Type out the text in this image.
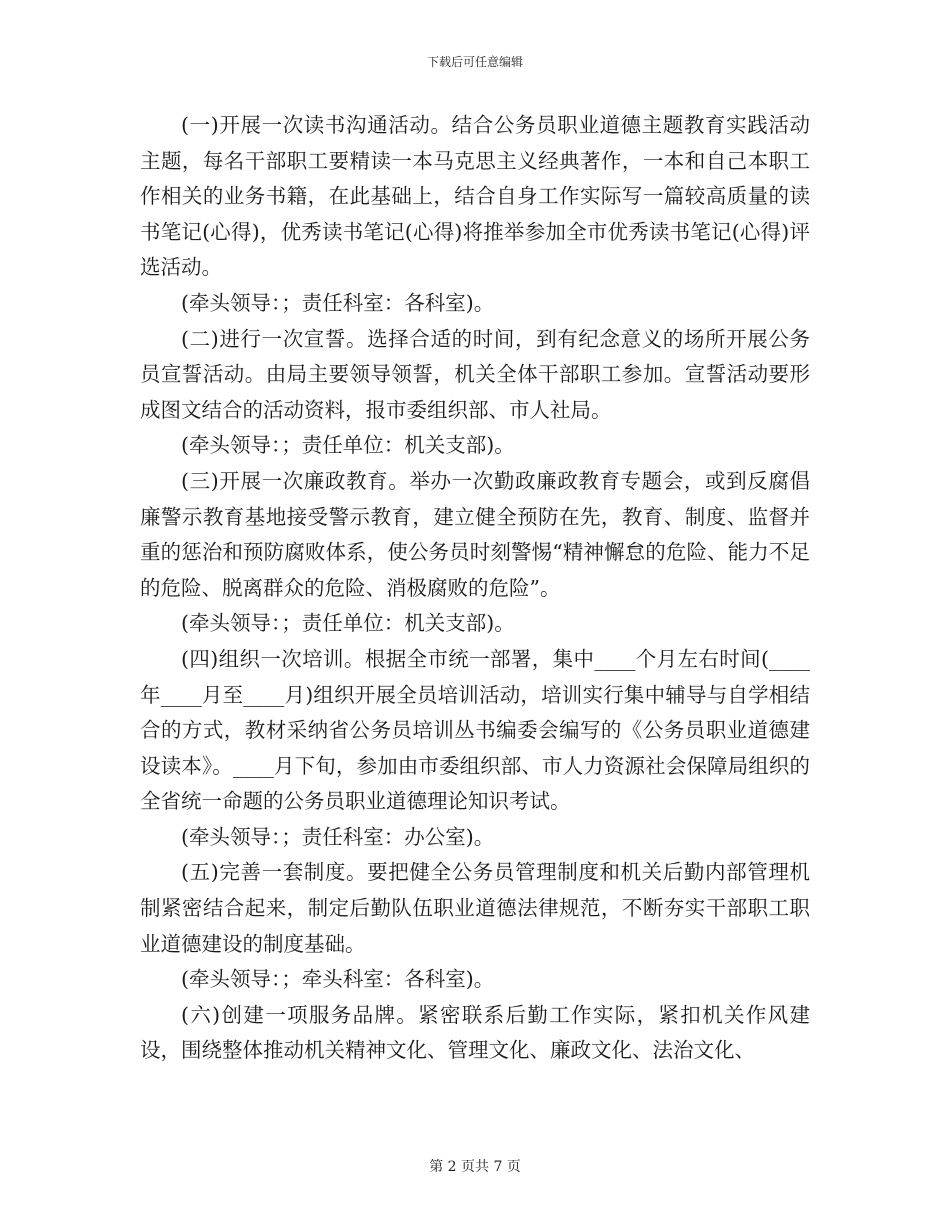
下载后可任意编辑

(一)开展一次读书沟通活动。结合公务员职业道德主题教育实践活动主题，每名干部职工要精读一本马克思主义经典著作，一本和自己本职工作相关的业务书籍，在此基础上，结合自身工作实际写一篇较高质量的读书笔记(心得)，优秀读书笔记(心得)将推举参加全市优秀读书笔记(心得)评选活动。

(牵头领导：；责任科室：各科室)。

(二)进行一次宣誓。选择合适的时间，到有纪念意义的场所开展公务员宣誓活动。由局主要领导领誓，机关全体干部职工参加。宣誓活动要形成图文结合的活动资料，报市委组织部、市人社局。

(牵头领导：；责任单位：机关支部)。

(三)开展一次廉政教育。举办一次勤政廉政教育专题会，或到反腐倡廉警示教育基地接受警示教育，建立健全预防在先，教育、制度、监督并重的惩治和预防腐败体系，使公务员时刻警惕“精神懈怠的危险、能力不足的危险、脱离群众的危险、消极腐败的危险”。

(牵头领导：；责任单位：机关支部)。

(四)组织一次培训。根据全市统一部署，集中____个月左右时间(____年____月至____月)组织开展全员培训活动，培训实行集中辅导与自学相结合的方式，教材采纳省公务员培训丛书编委会编写的《公务员职业道德建设读本》。____月下旬，参加由市委组织部、市人力资源社会保障局组织的全省统一命题的公务员职业道德理论知识考试。

(牵头领导：；责任科室：办公室)。

(五)完善一套制度。要把健全公务员管理制度和机关后勤内部管理机制紧密结合起来，制定后勤队伍职业道德法律规范，不断夯实干部职工职业道德建设的制度基础。

(牵头领导：；牵头科室：各科室)。

(六)创建一项服务品牌。紧密联系后勤工作实际，紧扣机关作风建设，围绕整体推动机关精神文化、管理文化、廉政文化、法治文化、

第 2 页共 7 页
